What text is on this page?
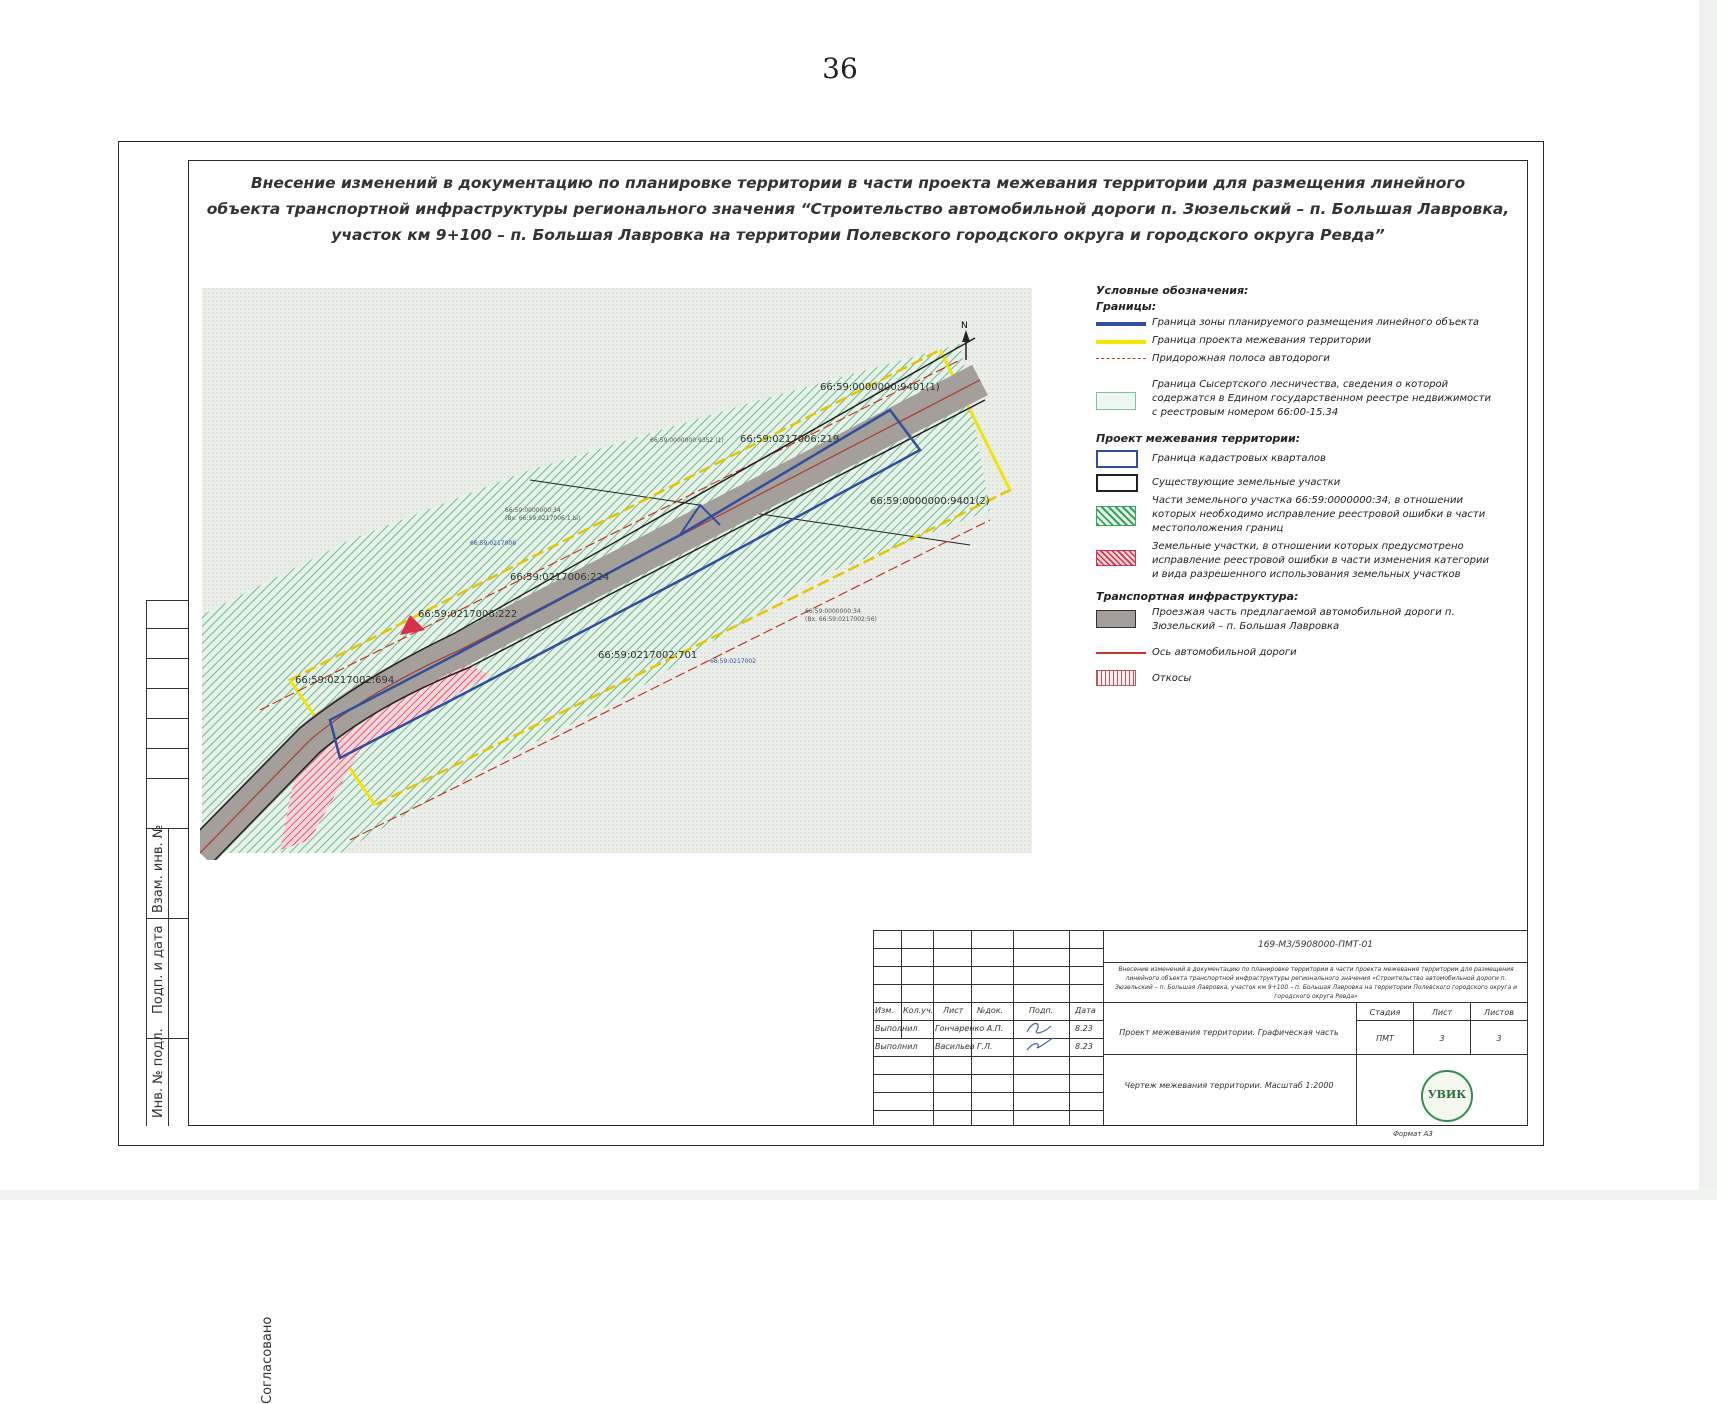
36
Внесение изменений в документацию по планировке территории в части проекта межевания территории для размещения линейного
объекта транспортной инфраструктуры регионального значения “Строительство автомобильной дороги п. Зюзельский – п. Большая Лавровка,
участок км 9+100 – п. Большая Лавровка на территории Полевского городского округа и городского округа Ревда”
Согласовано
Взам. инв. №
Подп. и дата
Инв. № подл.
N
66:59:0000000:9401(1)
66:59:0217006:219
66:59:0000000:9401(2)
66:59:0217006:224
66:59:0217006:222
66:59:0217002:701
66:59:0217002:694
66:59:0000000:9352 (1)
66:59:0000000:34
(Вх. 66:59:0217006:1 Ы)
66:59:0217006
66:59:0000000:34
(Вх. 66:59:0217002:56)
66:59:0217002
Условные обозначения:
Границы:
Граница зоны планируемого размещения линейного объекта
Граница проекта межевания территории
Придорожная полоса автодороги
Граница Сысертского лесничества, сведения о которой содержатся в Едином государственном реестре недвижимости с реестровым номером 66:00-15.34
Проект межевания территории:
Граница кадастровых кварталов
Существующие земельные участки
Части земельного участка 66:59:0000000:34, в отношении которых необходимо исправление реестровой ошибки в части местоположения границ
Земельные участки, в отношении которых предусмотрено исправление реестровой ошибки в части изменения категории и вида разрешенного использования земельных участков
Транспортная инфраструктура:
Проезжая часть предлагаемой автомобильной дороги п. Зюзельский – п. Большая Лавровка
Ось автомобильной дороги
Откосы
169-МЗ/5908000-ПМТ-01
Внесение изменений в документацию по планировке территории в части проекта межевания территории для размещения линейного объекта транспортной инфраструктуры регионального значения «Строительство автомобильной дороги п. Зюзельский – п. Большая Лавровка, участок км 9+100 – п. Большая Лавровка на территории Полевского городского округа и городского округа Ревда»
Изм. Кол.уч. Лист №док.	Подп.	Дата
Выполнил Гончаренко А.П.	8.23
Выполнил Васильев Г.Л.	8.23
Проект межевания территории. Графическая часть
Стадия	Лист	Листов
ПМТ	3	3
Чертеж межевания территории. Масштаб 1:2000
УВИК
Формат А3
